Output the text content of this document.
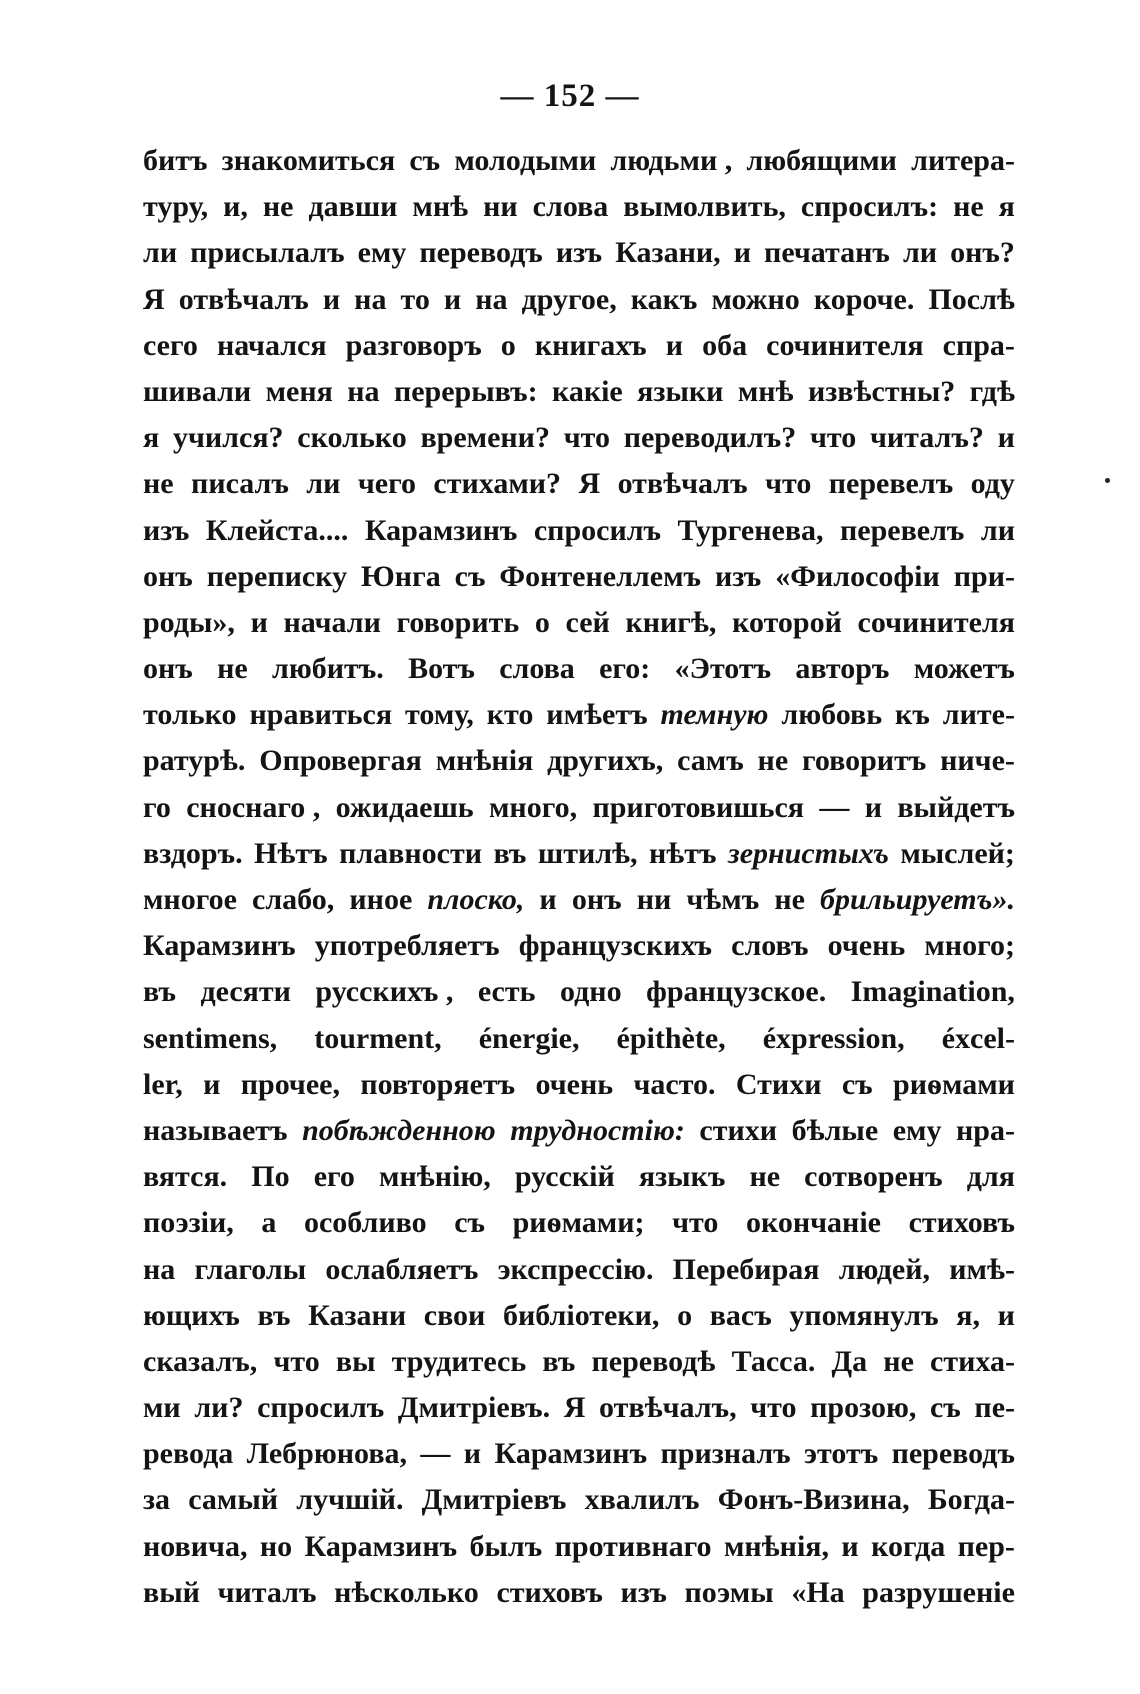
— 152 —
битъ знакомиться съ молодыми людьми , любящими литера-
туру, и, не давши мнѣ ни слова вымолвить, спросилъ: не я
ли присылалъ ему переводъ изъ Казани, и печатанъ ли онъ?
Я отвѣчалъ и на то и на другое, какъ можно короче. Послѣ
сего начался разговоръ о книгахъ и оба сочинителя спра-
шивали меня на перерывъ: какіе языки мнѣ извѣстны? гдѣ
я учился? сколько времени? что переводилъ? что читалъ? и
не писалъ ли чего стихами? Я отвѣчалъ что перевелъ оду
изъ Клейста.... Карамзинъ спросилъ Тургенева, перевелъ ли
онъ переписку Юнга съ Фонтенеллемъ изъ «Философіи при-
роды», и начали говорить о сей книгѣ, которой сочинителя
онъ не любитъ. Вотъ слова его: «Этотъ авторъ можетъ
только нравиться тому, кто имѣетъ темную любовь къ лите-
ратурѣ. Опровергая мнѣнія другихъ, самъ не говоритъ ниче-
го сноснаго , ожидаешь много, приготовишься — и выйдетъ
вздоръ. Нѣтъ плавности въ штилѣ, нѣтъ зернистыхъ мыслей;
многое слабо, иное плоско, и онъ ни чѣмъ не брильируетъ».
Карамзинъ употребляетъ французскихъ словъ очень много;
въ десяти русскихъ , есть одно французское. Imagination,
sentimens, tourment, énergie, épithète, éxpression, éxcel-
ler, и прочее, повторяетъ очень часто. Стихи съ риѳмами
называетъ побѣжденною трудностію: стихи бѣлые ему нра-
вятся. По его мнѣнію, русскій языкъ не сотворенъ для
поэзіи, а особливо съ риѳмами; что окончаніе стиховъ
на глаголы ослабляетъ экспрессію. Перебирая людей, имѣ-
ющихъ въ Казани свои библіотеки, о васъ упомянулъ я, и
сказалъ, что вы трудитесь въ переводѣ Тасса. Да не стиха-
ми ли? спросилъ Дмитріевъ. Я отвѣчалъ, что прозою, съ пе-
ревода Лебрюнова, — и Карамзинъ призналъ этотъ переводъ
за самый лучшій. Дмитріевъ хвалилъ Фонъ-Визина, Богда-
новича, но Карамзинъ былъ противнаго мнѣнія, и когда пер-
вый читалъ нѣсколько стиховъ изъ поэмы «На разрушеніе
